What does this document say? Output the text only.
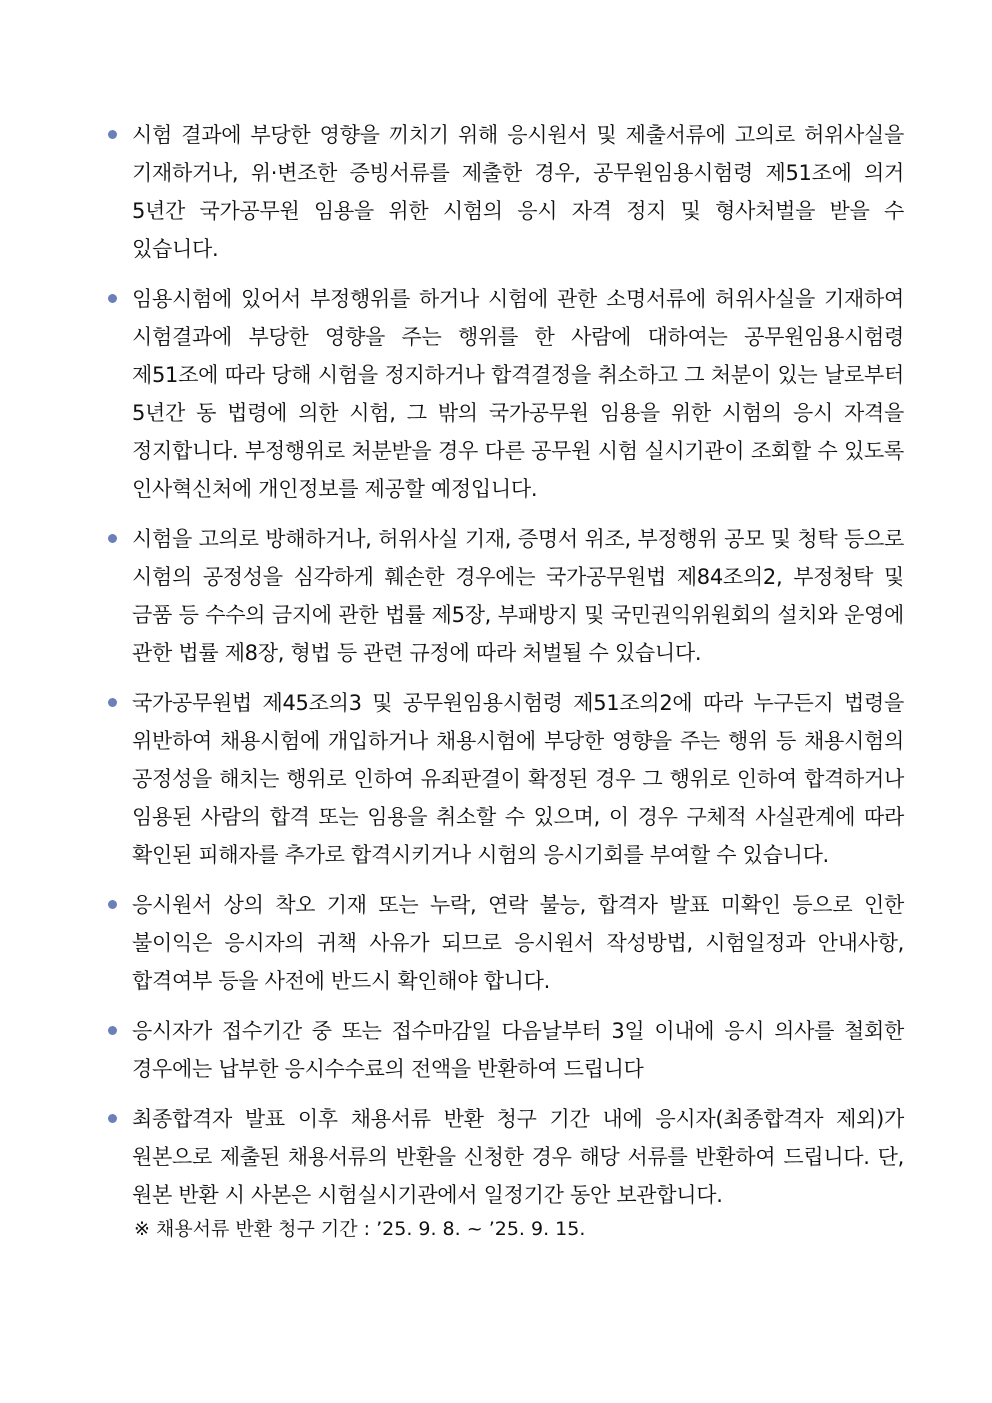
시험 결과에 부당한 영향을 끼치기 위해 응시원서 및 제출서류에 고의로 허위사실을 기재하거나, 위·변조한 증빙서류를 제출한 경우, 공무원임용시험령 제51조에 의거 5년간 국가공무원 임용을 위한 시험의 응시 자격 정지 및 형사처벌을 받을 수 있습니다.

임용시험에 있어서 부정행위를 하거나 시험에 관한 소명서류에 허위사실을 기재하여 시험결과에 부당한 영향을 주는 행위를 한 사람에 대하여는 공무원임용시험령 제51조에 따라 당해 시험을 정지하거나 합격결정을 취소하고 그 처분이 있는 날로부터 5년간 동 법령에 의한 시험, 그 밖의 국가공무원 임용을 위한 시험의 응시 자격을 정지합니다. 부정행위로 처분받을 경우 다른 공무원 시험 실시기관이 조회할 수 있도록 인사혁신처에 개인정보를 제공할 예정입니다.

시험을 고의로 방해하거나, 허위사실 기재, 증명서 위조, 부정행위 공모 및 청탁 등으로 시험의 공정성을 심각하게 훼손한 경우에는 국가공무원법 제84조의2, 부정청탁 및 금품 등 수수의 금지에 관한 법률 제5장, 부패방지 및 국민권익위원회의 설치와 운영에 관한 법률 제8장, 형법 등 관련 규정에 따라 처벌될 수 있습니다.

국가공무원법 제45조의3 및 공무원임용시험령 제51조의2에 따라 누구든지 법령을 위반하여 채용시험에 개입하거나 채용시험에 부당한 영향을 주는 행위 등 채용시험의 공정성을 해치는 행위로 인하여 유죄판결이 확정된 경우 그 행위로 인하여 합격하거나 임용된 사람의 합격 또는 임용을 취소할 수 있으며, 이 경우 구체적 사실관계에 따라 확인된 피해자를 추가로 합격시키거나 시험의 응시기회를 부여할 수 있습니다.

응시원서 상의 착오 기재 또는 누락, 연락 불능, 합격자 발표 미확인 등으로 인한 불이익은 응시자의 귀책 사유가 되므로 응시원서 작성방법, 시험일정과 안내사항, 합격여부 등을 사전에 반드시 확인해야 합니다.

응시자가 접수기간 중 또는 접수마감일 다음날부터 3일 이내에 응시 의사를 철회한 경우에는 납부한 응시수수료의 전액을 반환하여 드립니다

최종합격자 발표 이후 채용서류 반환 청구 기간 내에 응시자(최종합격자 제외)가 원본으로 제출된 채용서류의 반환을 신청한 경우 해당 서류를 반환하여 드립니다. 단, 원본 반환 시 사본은 시험실시기관에서 일정기간 동안 보관합니다.

※ 채용서류 반환 청구 기간 : ’25. 9. 8. ~ ’25. 9. 15.
